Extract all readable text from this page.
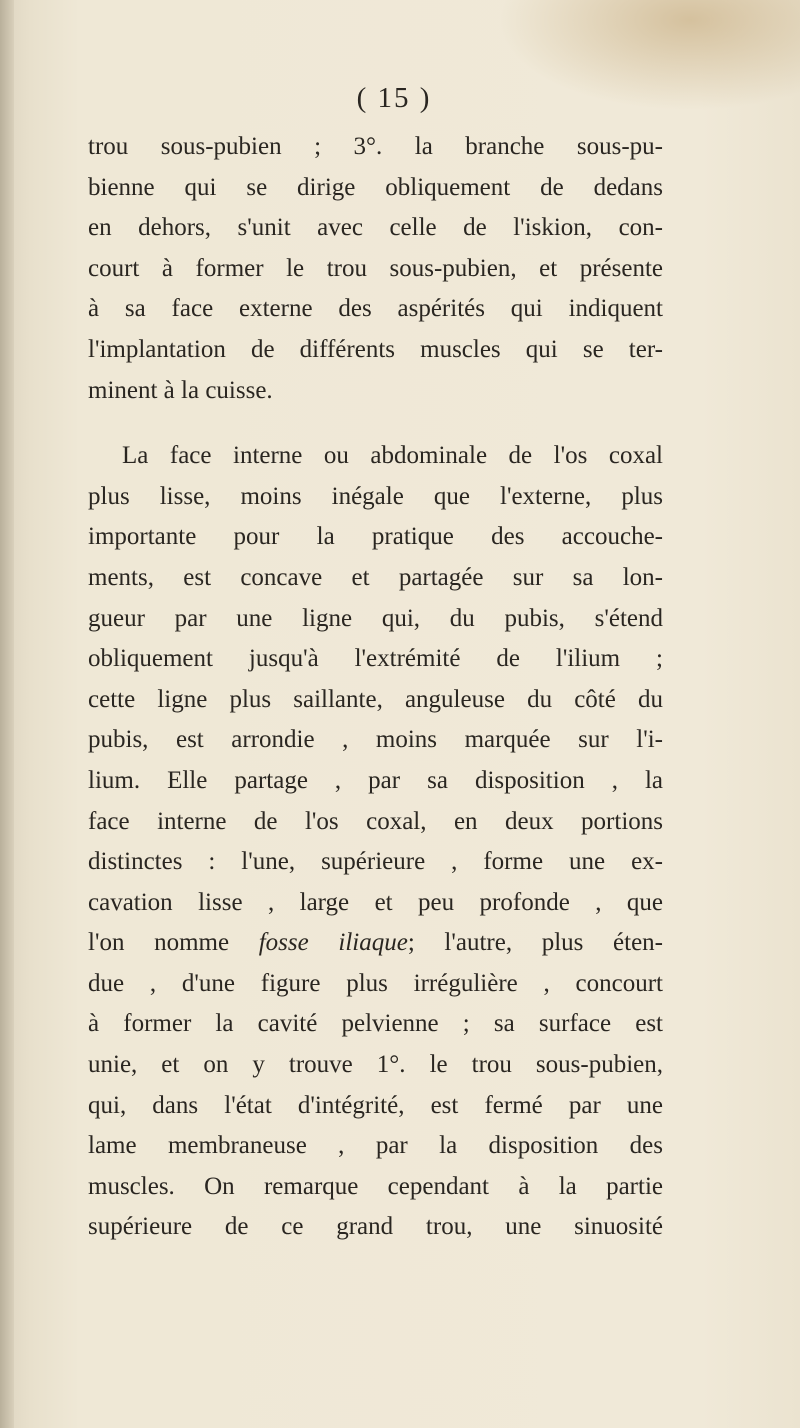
( 15 )
trou sous-pubien ; 3°. la branche sous-pu-
bienne qui se dirige obliquement de dedans
en dehors, s'unit avec celle de l'iskion, con-
court à former le trou sous-pubien, et présente
à sa face externe des aspérités qui indiquent
l'implantation de différents muscles qui se ter-
minent à la cuisse.
La face interne ou abdominale de l'os coxal
plus lisse, moins inégale que l'externe, plus
importante pour la pratique des accouche-
ments, est concave et partagée sur sa lon-
gueur par une ligne qui, du pubis, s'étend
obliquement jusqu'à l'extrémité de l'ilium ;
cette ligne plus saillante, anguleuse du côté du
pubis, est arrondie , moins marquée sur l'i-
lium. Elle partage , par sa disposition , la
face interne de l'os coxal, en deux portions
distinctes : l'une, supérieure , forme une ex-
cavation lisse , large et peu profonde , que
l'on nomme fosse iliaque; l'autre, plus éten-
due , d'une figure plus irrégulière , concourt
à former la cavité pelvienne ; sa surface est
unie, et on y trouve 1°. le trou sous-pubien,
qui, dans l'état d'intégrité, est fermé par une
lame membraneuse , par la disposition des
muscles. On remarque cependant à la partie
supérieure de ce grand trou, une sinuosité
